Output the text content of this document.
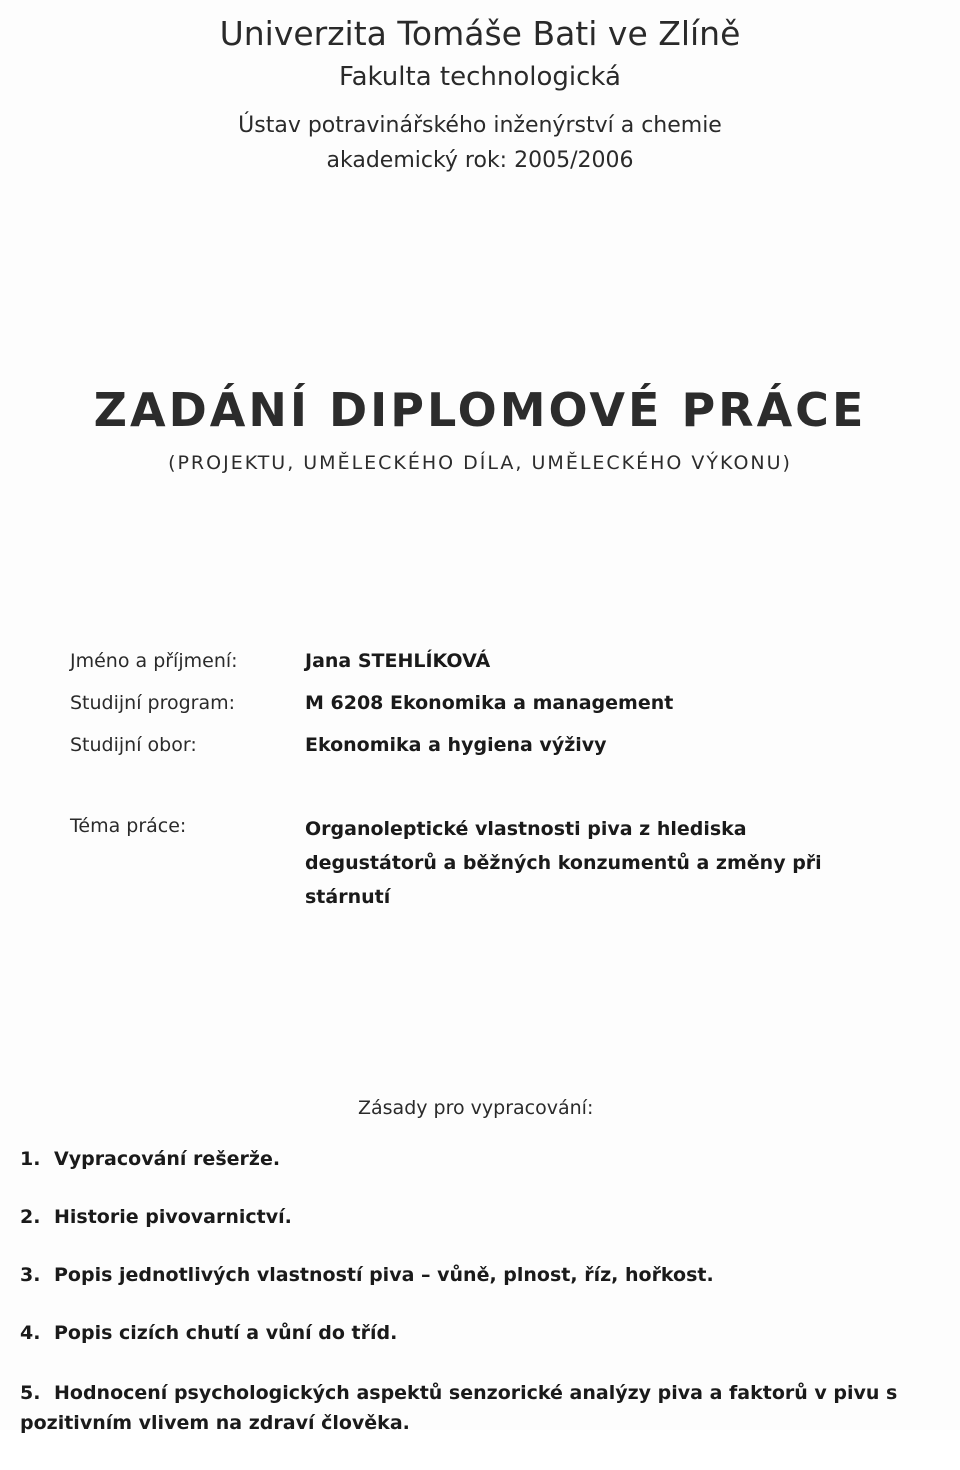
Univerzita Tomáše Bati ve Zlíně
Fakulta technologická
Ústav potravinářského inženýrství a chemie
akademický rok: 2005/2006
ZADÁNÍ DIPLOMOVÉ PRÁCE
(PROJEKTU, UMĚLECKÉHO DÍLA, UMĚLECKÉHO VÝKONU)
Jméno a příjmení:	Jana STEHLÍKOVÁ
Studijní program:	M 6208 Ekonomika a management
Studijní obor:	Ekonomika a hygiena výživy
Téma práce:	Organoleptické vlastnosti piva z hlediska degustátorů a běžných konzumentů a změny při stárnutí
Zásady pro vypracování:
1. Vypracování rešerže.
2. Historie pivovarnictví.
3. Popis jednotlivých vlastností piva – vůně, plnost, říz, hořkost.
4. Popis cizích chutí a vůní do tříd.
5. Hodnocení psychologických aspektů senzorické analýzy piva a faktorů v pivu s pozitivním vlivem na zdraví člověka.
